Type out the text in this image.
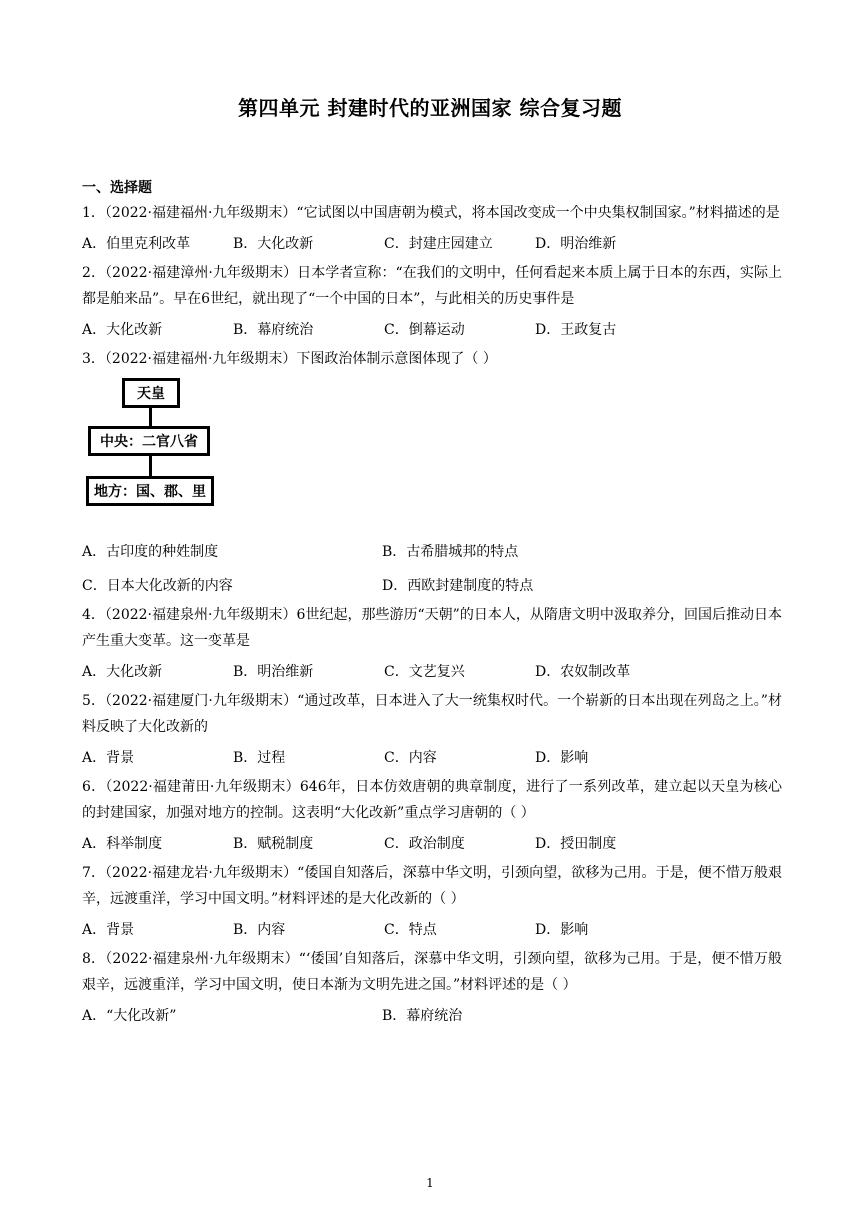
第四单元 封建时代的亚洲国家 综合复习题
一、选择题
1．（2022·福建福州·九年级期末）“它试图以中国唐朝为模式，将本国改变成一个中央集权制国家。”材料描述的是
A．伯里克利改革	B．大化改新	C．封建庄园建立	D．明治维新
2．（2022·福建漳州·九年级期末）日本学者宣称：“在我们的文明中，任何看起来本质上属于日本的东西，实际上都是舶来品”。早在6世纪，就出现了“一个中国的日本”，与此相关的历史事件是
A．大化改新	B．幕府统治	C．倒幕运动	D．王政复古
3．（2022·福建福州·九年级期末）下图政治体制示意图体现了（ ）
天皇
中央：二官八省
地方：国、郡、里
A．古印度的种姓制度	B．古希腊城邦的特点
C．日本大化改新的内容	D．西欧封建制度的特点
4．（2022·福建泉州·九年级期末）6世纪起，那些游历“天朝”的日本人，从隋唐文明中汲取养分，回国后推动日本产生重大变革。这一变革是
A．大化改新	B．明治维新	C．文艺复兴	D．农奴制改革
5．（2022·福建厦门·九年级期末）“通过改革，日本进入了大一统集权时代。一个崭新的日本出现在列岛之上。”材料反映了大化改新的
A．背景	B．过程	C．内容	D．影响
6．（2022·福建莆田·九年级期末）646年，日本仿效唐朝的典章制度，进行了一系列改革，建立起以天皇为核心的封建国家，加强对地方的控制。这表明“大化改新”重点学习唐朝的（ ）
A．科举制度	B．赋税制度	C．政治制度	D．授田制度
7．（2022·福建龙岩·九年级期末）“倭国自知落后，深慕中华文明，引颈向望，欲移为己用。于是，便不惜万般艰辛，远渡重洋，学习中国文明。”材料评述的是大化改新的（ ）
A．背景	B．内容	C．特点	D．影响
8．（2022·福建泉州·九年级期末）“‘倭国’自知落后，深慕中华文明，引颈向望，欲移为己用。于是，便不惜万般艰辛，远渡重洋，学习中国文明，使日本渐为文明先进之国。”材料评述的是（ ）
A．“大化改新”	B．幕府统治
1
